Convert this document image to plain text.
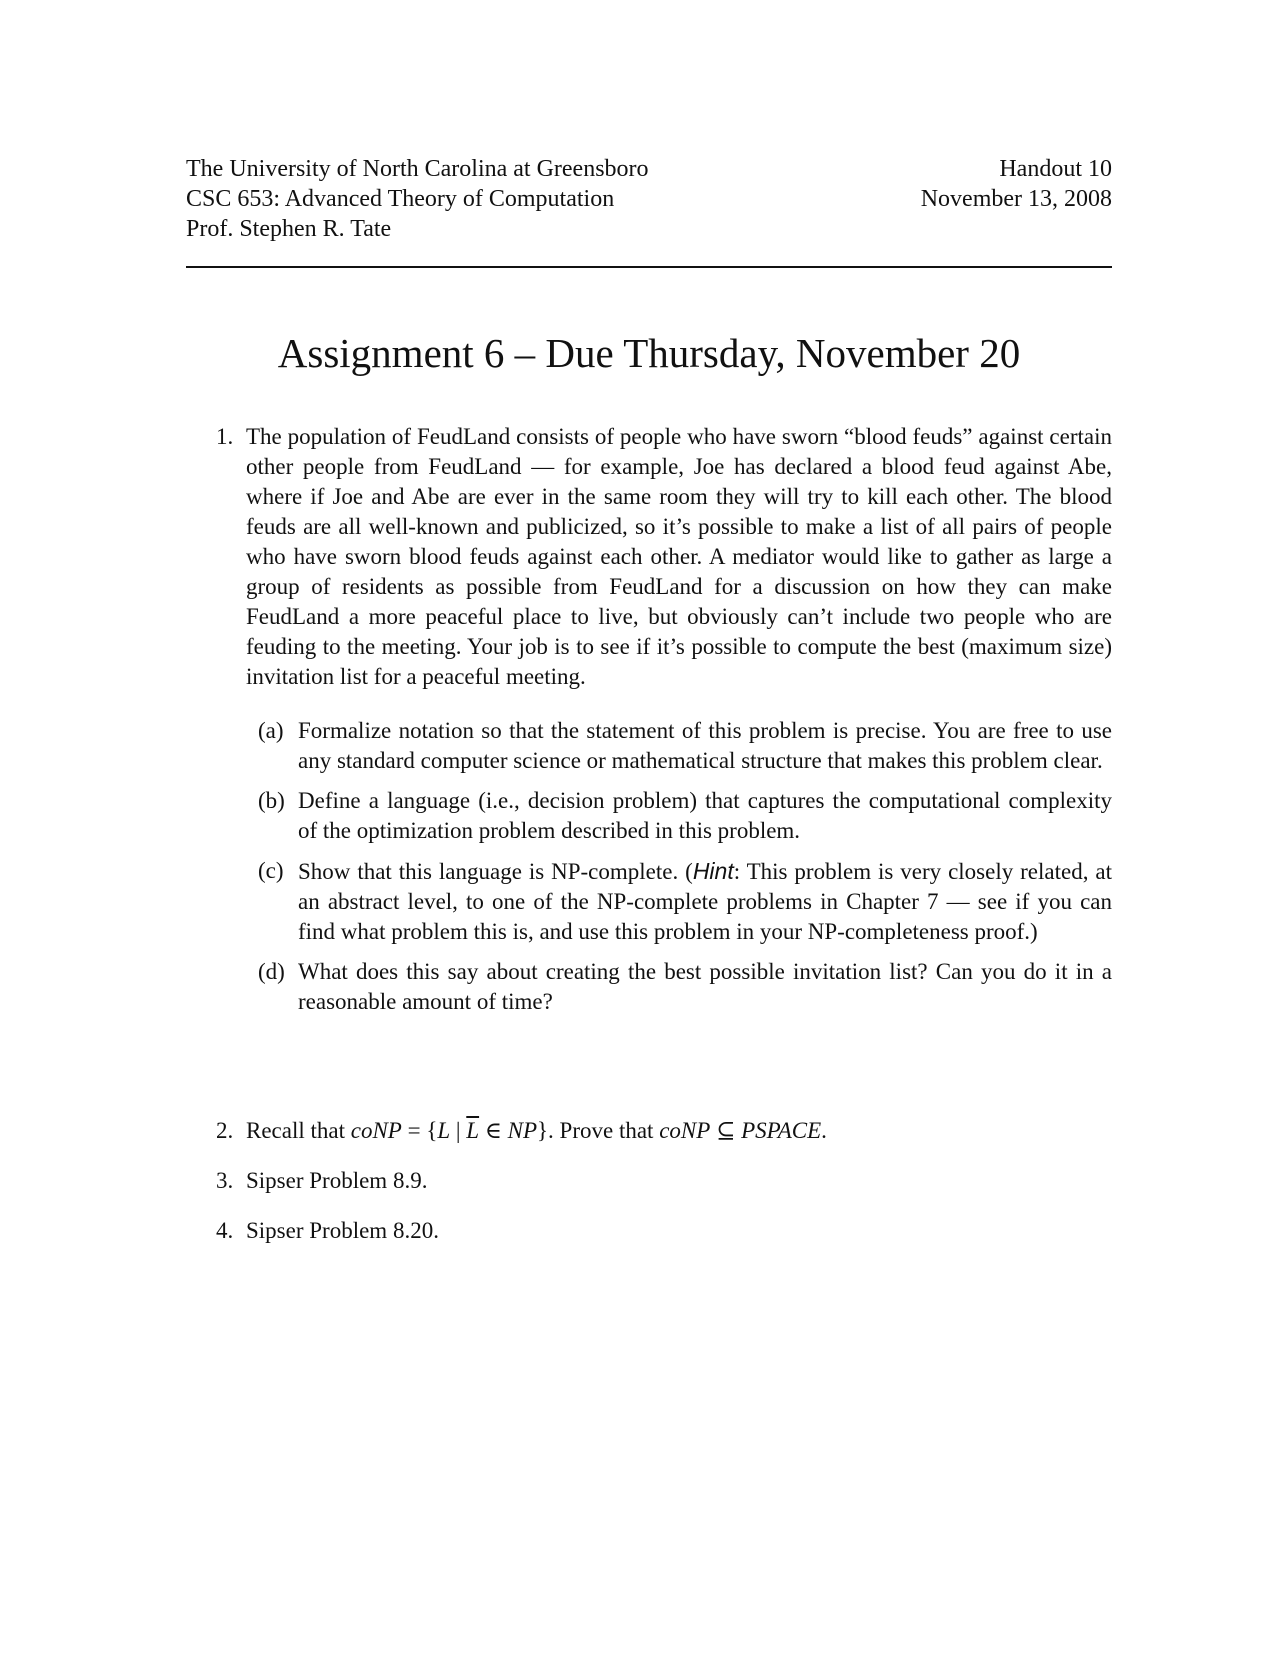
The University of North Carolina at Greensboro
CSC 653: Advanced Theory of Computation
Prof. Stephen R. Tate
Handout 10
November 13, 2008
Assignment 6 – Due Thursday, November 20
1. The population of FeudLand consists of people who have sworn “blood feuds” against certain other people from FeudLand — for example, Joe has declared a blood feud against Abe, where if Joe and Abe are ever in the same room they will try to kill each other. The blood feuds are all well-known and publicized, so it’s possible to make a list of all pairs of people who have sworn blood feuds against each other. A mediator would like to gather as large a group of residents as possible from FeudLand for a discussion on how they can make FeudLand a more peaceful place to live, but obviously can’t include two people who are feuding to the meeting. Your job is to see if it’s possible to compute the best (maximum size) invitation list for a peaceful meeting.
(a) Formalize notation so that the statement of this problem is precise. You are free to use any standard computer science or mathematical structure that makes this problem clear.
(b) Define a language (i.e., decision problem) that captures the computational complexity of the optimization problem described in this problem.
(c) Show that this language is NP-complete. (Hint: This problem is very closely related, at an abstract level, to one of the NP-complete problems in Chapter 7 — see if you can find what problem this is, and use this problem in your NP-completeness proof.)
(d) What does this say about creating the best possible invitation list? Can you do it in a reasonable amount of time?
2. Recall that coNP = {L | $\overline{L}$ ∈ NP}. Prove that coNP ⊆ PSPACE.
3. Sipser Problem 8.9.
4. Sipser Problem 8.20.
